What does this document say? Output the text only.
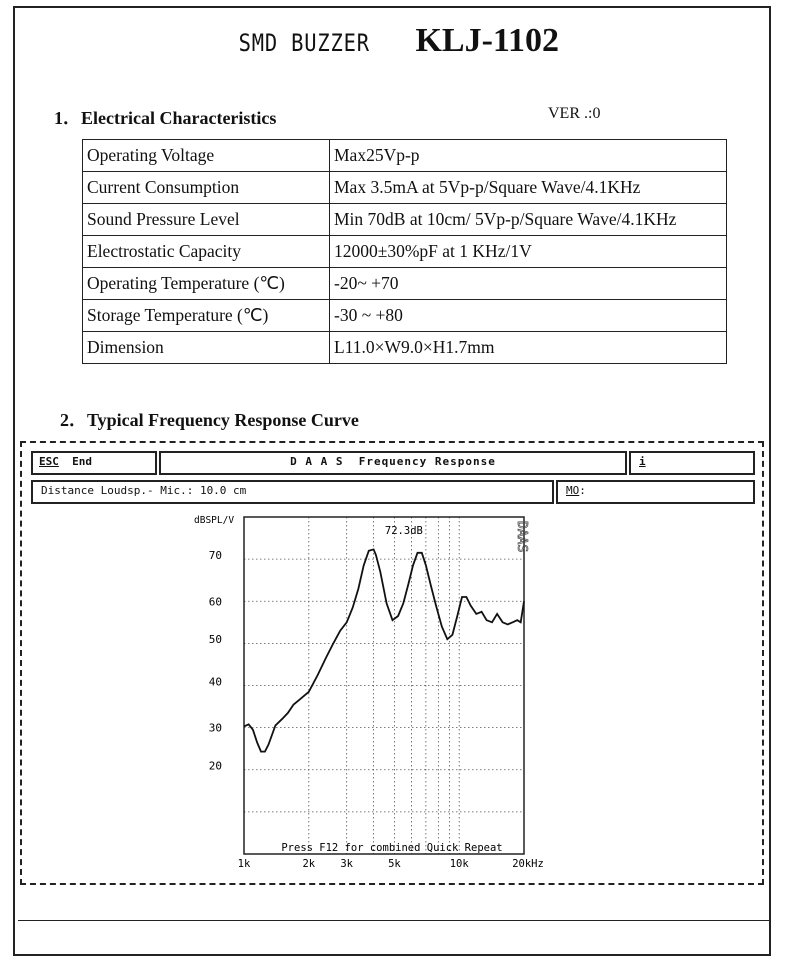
SMD BUZZER KLJ-1102
1．Electrical Characteristics	VER .:0
Operating Voltage	Max25Vp-p
Current Consumption	Max 3.5mA at 5Vp-p/Square Wave/4.1KHz
Sound Pressure Level	Min 70dB at 10cm/ 5Vp-p/Square Wave/4.1KHz
Electrostatic Capacity	12000±30%pF at 1 KHz/1V
Operating Temperature (℃)	-20~ +70
Storage Temperature (℃)	-30 ~ +80
Dimension	L11.0×W9.0×H1.7mm
2．Typical Frequency Response Curve
ESC End	D A A S  Frequency Response	i
Distance Loudsp.- Mic.: 10.0 cm	MO:
dBSPL/V
70
60
50
40
30
20
1k	2k 3k	5k	10k	20kHz
72.3dB	DAAS
Press F12 for combined Quick Repeat
